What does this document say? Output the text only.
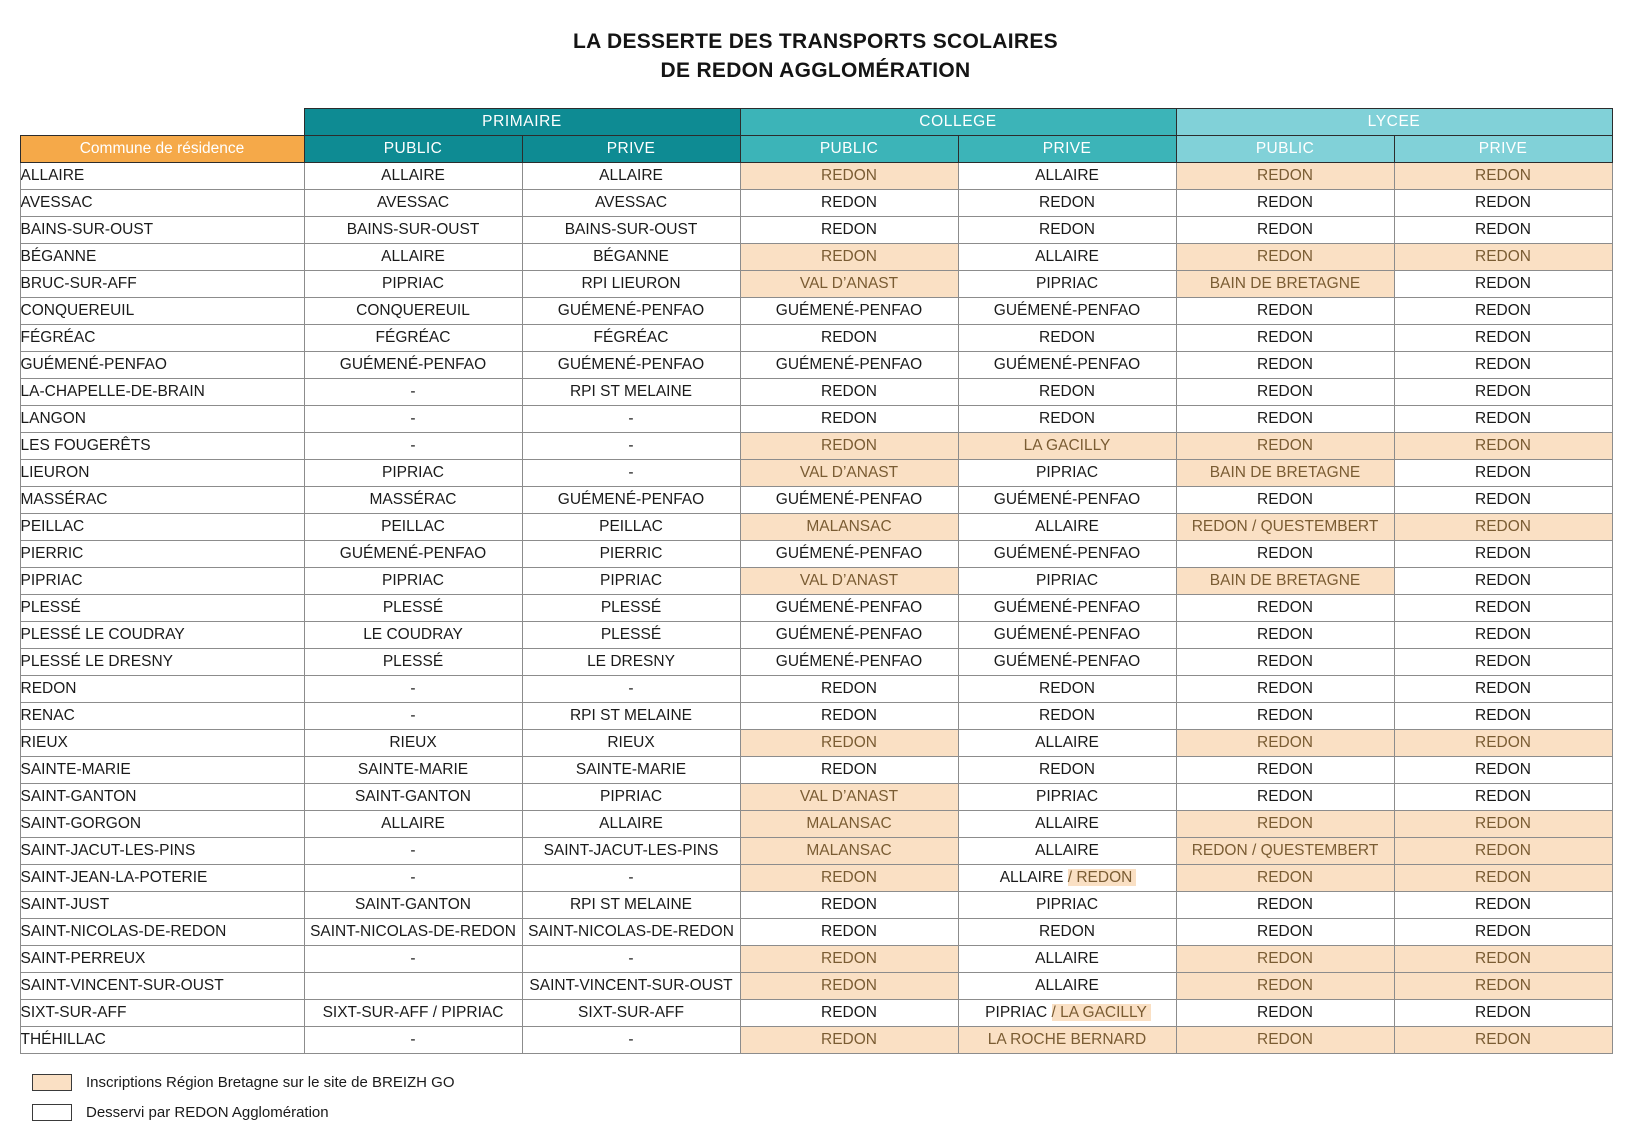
LA DESSERTE DES TRANSPORTS SCOLAIRES
DE REDON AGGLOMÉRATION
	PRIMAIRE		COLLEGE		LYCEE	
Commune de résidence	PUBLIC	PRIVE	PUBLIC	PRIVE	PUBLIC	PRIVE
ALLAIRE	ALLAIRE	ALLAIRE	REDON	ALLAIRE	REDON	REDON
AVESSAC	AVESSAC	AVESSAC	REDON	REDON	REDON	REDON
BAINS-SUR-OUST	BAINS-SUR-OUST	BAINS-SUR-OUST	REDON	REDON	REDON	REDON
BÉGANNE	ALLAIRE	BÉGANNE	REDON	ALLAIRE	REDON	REDON
BRUC-SUR-AFF	PIPRIAC	RPI LIEURON	VAL D’ANAST	PIPRIAC	BAIN DE BRETAGNE	REDON
CONQUEREUIL	CONQUEREUIL	GUÉMENÉ-PENFAO	GUÉMENÉ-PENFAO	GUÉMENÉ-PENFAO	REDON	REDON
FÉGRÉAC	FÉGRÉAC	FÉGRÉAC	REDON	REDON	REDON	REDON
GUÉMENÉ-PENFAO	GUÉMENÉ-PENFAO	GUÉMENÉ-PENFAO	GUÉMENÉ-PENFAO	GUÉMENÉ-PENFAO	REDON	REDON
LA-CHAPELLE-DE-BRAIN	-	RPI ST MELAINE	REDON	REDON	REDON	REDON
LANGON	-	-	REDON	REDON	REDON	REDON
LES FOUGERÊTS	-	-	REDON	LA GACILLY	REDON	REDON
LIEURON	PIPRIAC	-	VAL D’ANAST	PIPRIAC	BAIN DE BRETAGNE	REDON
MASSÉRAC	MASSÉRAC	GUÉMENÉ-PENFAO	GUÉMENÉ-PENFAO	GUÉMENÉ-PENFAO	REDON	REDON
PEILLAC	PEILLAC	PEILLAC	MALANSAC	ALLAIRE	REDON / QUESTEMBERT	REDON
PIERRIC	GUÉMENÉ-PENFAO	PIERRIC	GUÉMENÉ-PENFAO	GUÉMENÉ-PENFAO	REDON	REDON
PIPRIAC	PIPRIAC	PIPRIAC	VAL D’ANAST	PIPRIAC	BAIN DE BRETAGNE	REDON
PLESSÉ	PLESSÉ	PLESSÉ	GUÉMENÉ-PENFAO	GUÉMENÉ-PENFAO	REDON	REDON
PLESSÉ LE COUDRAY	LE COUDRAY	PLESSÉ	GUÉMENÉ-PENFAO	GUÉMENÉ-PENFAO	REDON	REDON
PLESSÉ LE DRESNY	PLESSÉ	LE DRESNY	GUÉMENÉ-PENFAO	GUÉMENÉ-PENFAO	REDON	REDON
REDON	-	-	REDON	REDON	REDON	REDON
RENAC	-	RPI ST MELAINE	REDON	REDON	REDON	REDON
RIEUX	RIEUX	RIEUX	REDON	ALLAIRE	REDON	REDON
SAINTE-MARIE	SAINTE-MARIE	SAINTE-MARIE	REDON	REDON	REDON	REDON
SAINT-GANTON	SAINT-GANTON	PIPRIAC	VAL D’ANAST	PIPRIAC	REDON	REDON
SAINT-GORGON	ALLAIRE	ALLAIRE	MALANSAC	ALLAIRE	REDON	REDON
SAINT-JACUT-LES-PINS	-	SAINT-JACUT-LES-PINS	MALANSAC	ALLAIRE	REDON / QUESTEMBERT	REDON
SAINT-JEAN-LA-POTERIE	-	-	REDON	ALLAIRE / REDON	REDON	REDON
SAINT-JUST	SAINT-GANTON	RPI ST MELAINE	REDON	PIPRIAC	REDON	REDON
SAINT-NICOLAS-DE-REDON	SAINT-NICOLAS-DE-REDON	SAINT-NICOLAS-DE-REDON	REDON	REDON	REDON	REDON
SAINT-PERREUX	-	-	REDON	ALLAIRE	REDON	REDON
SAINT-VINCENT-SUR-OUST		SAINT-VINCENT-SUR-OUST	REDON	ALLAIRE	REDON	REDON
SIXT-SUR-AFF	SIXT-SUR-AFF / PIPRIAC	SIXT-SUR-AFF	REDON	PIPRIAC / LA GACILLY	REDON	REDON
THÉHILLAC	-	-	REDON	LA ROCHE BERNARD	REDON	REDON
Inscriptions Région Bretagne sur le site de BREIZH GO
Desservi par REDON Agglomération
